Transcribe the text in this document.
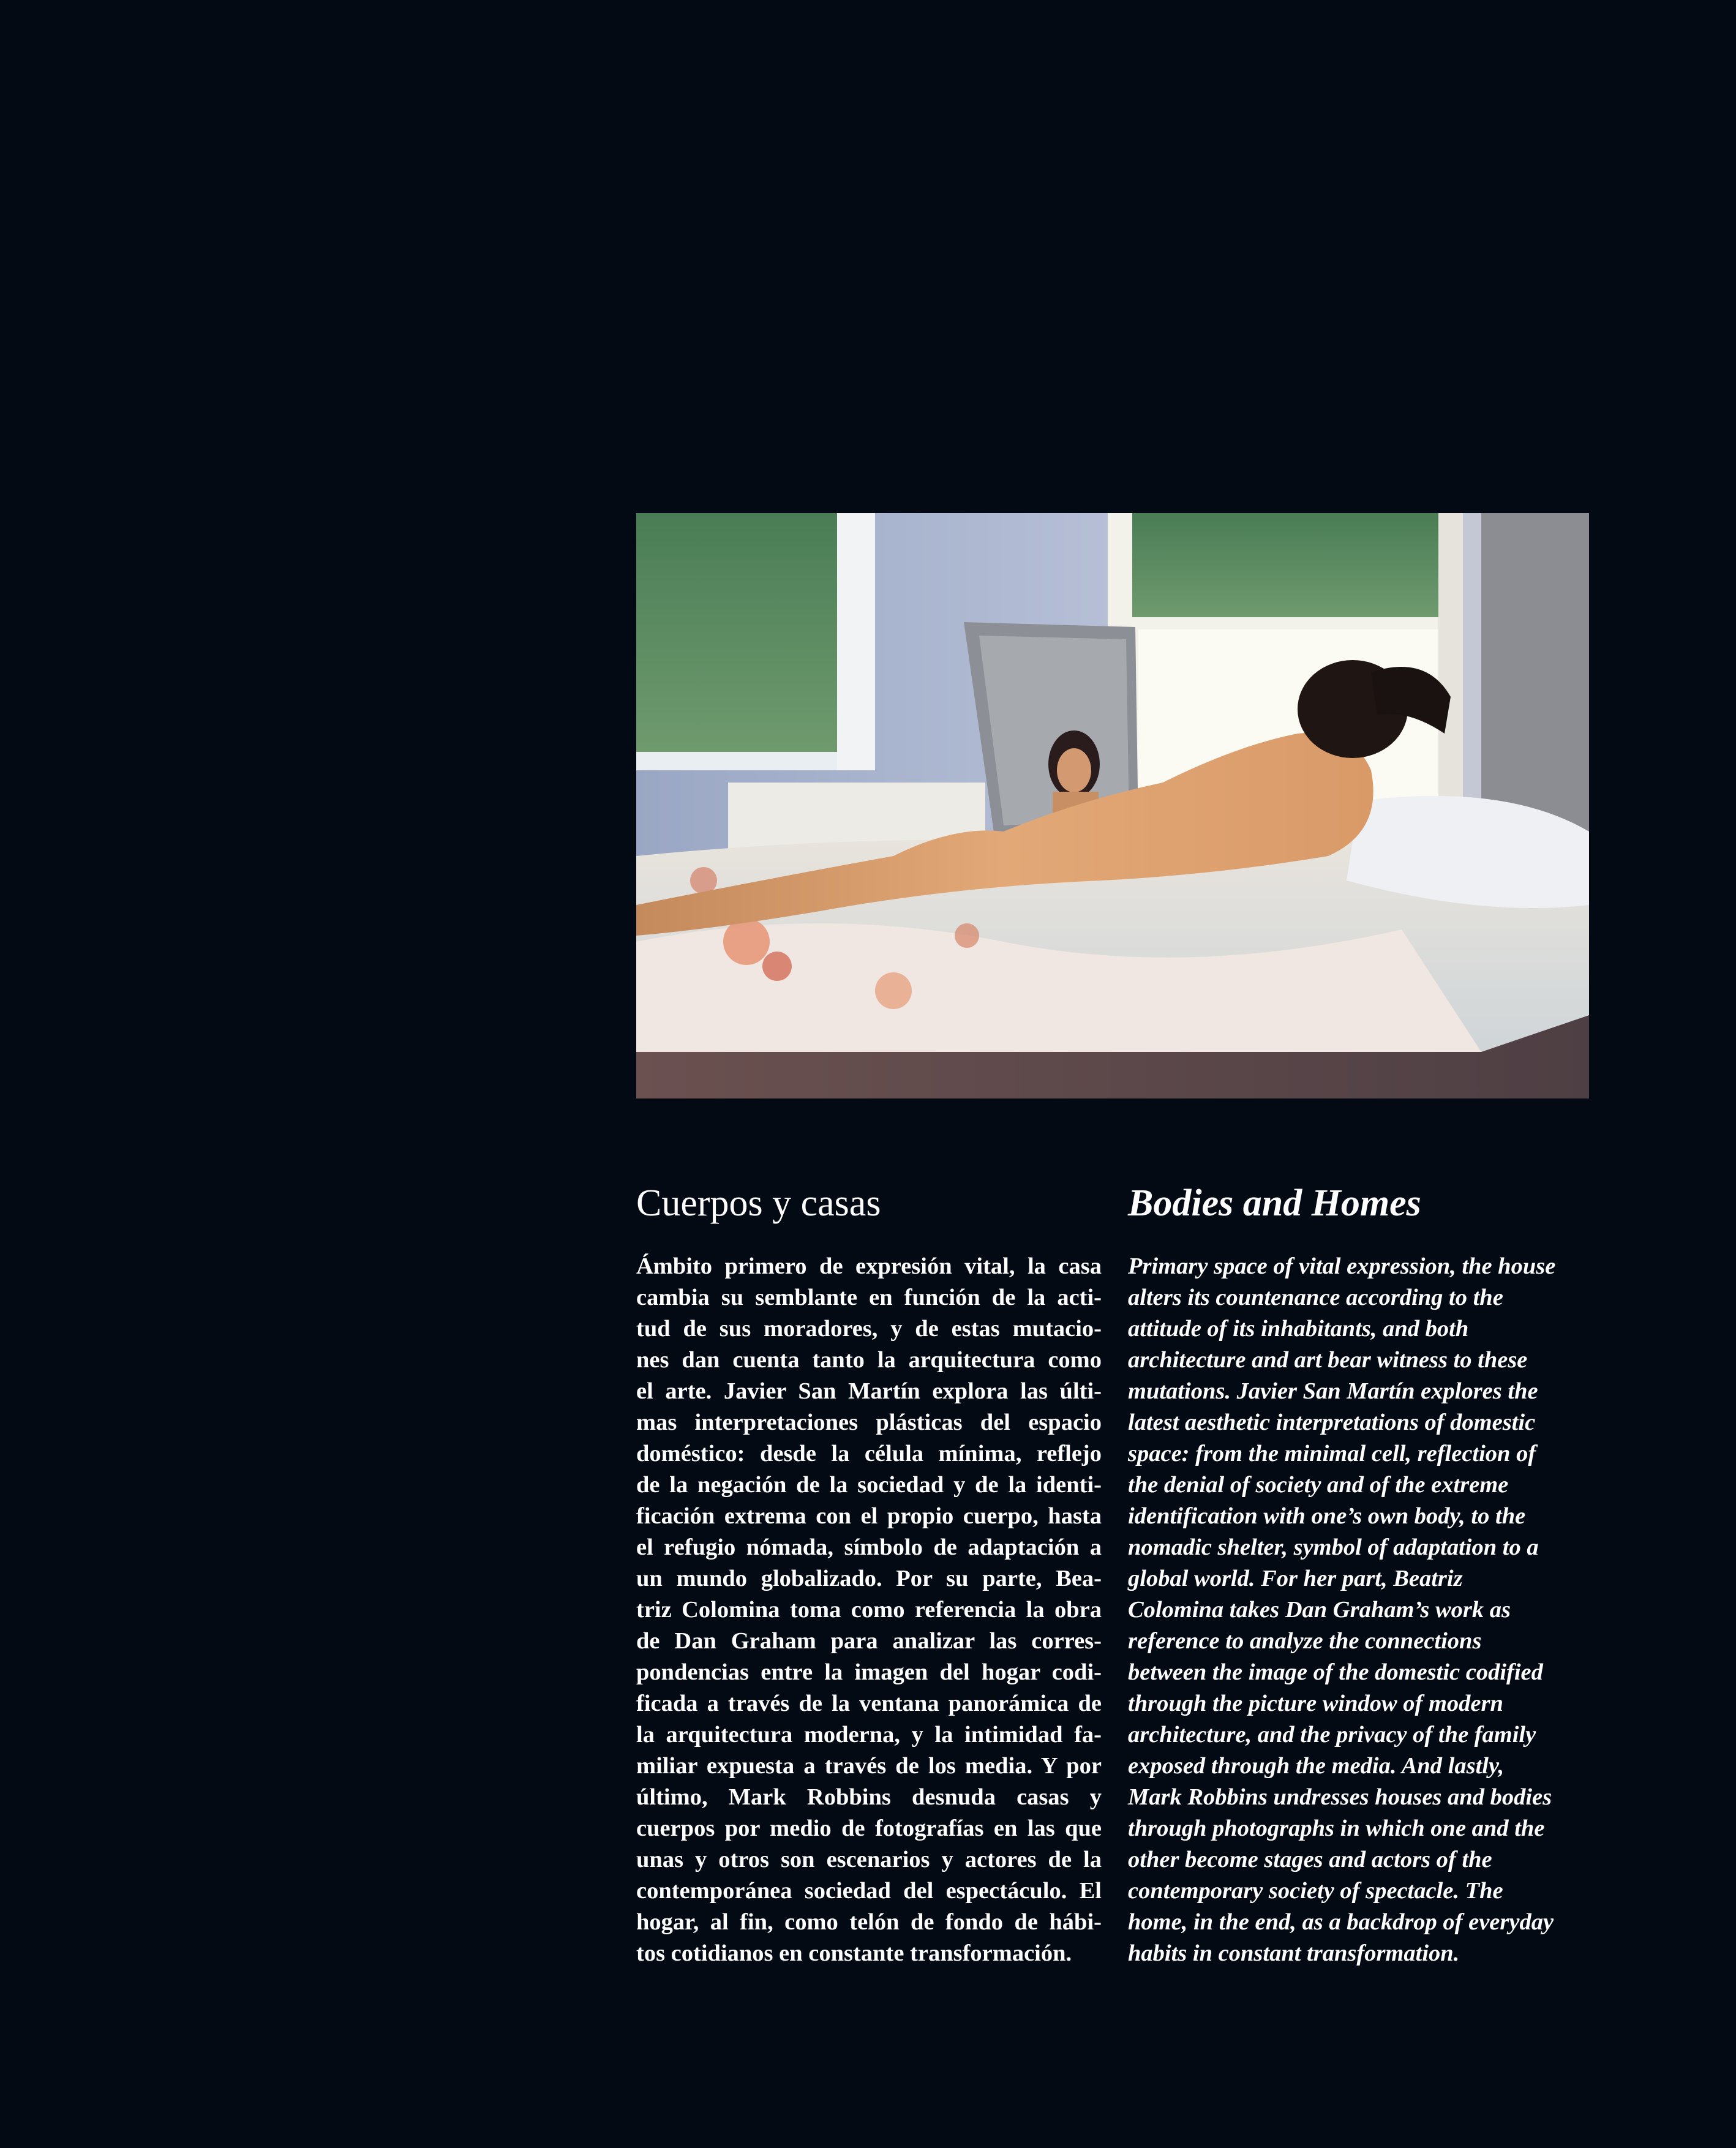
Cuerpos y casas
Ámbito primero de expresión vital, la casa
cambia su semblante en función de la acti-
tud de sus moradores, y de estas mutacio-
nes dan cuenta tanto la arquitectura como
el arte. Javier San Martín explora las últi-
mas interpretaciones plásticas del espacio
doméstico: desde la célula mínima, reflejo
de la negación de la sociedad y de la identi-
ficación extrema con el propio cuerpo, hasta
el refugio nómada, símbolo de adaptación a
un mundo globalizado. Por su parte, Bea-
triz Colomina toma como referencia la obra
de Dan Graham para analizar las corres-
pondencias entre la imagen del hogar codi-
ficada a través de la ventana panorámica de
la arquitectura moderna, y la intimidad fa-
miliar expuesta a través de los media. Y por
último, Mark Robbins desnuda casas y
cuerpos por medio de fotografías en las que
unas y otros son escenarios y actores de la
contemporánea sociedad del espectáculo. El
hogar, al fin, como telón de fondo de hábi-
tos cotidianos en constante transformación.
Bodies and Homes
Primary space of vital expression, the house
alters its countenance according to the
attitude of its inhabitants, and both
architecture and art bear witness to these
mutations. Javier San Martín explores the
latest aesthetic interpretations of domestic
space: from the minimal cell, reflection of
the denial of society and of the extreme
identification with one’s own body, to the
nomadic shelter, symbol of adaptation to a
global world. For her part, Beatriz
Colomina takes Dan Graham’s work as
reference to analyze the connections
between the image of the domestic codified
through the picture window of modern
architecture, and the privacy of the family
exposed through the media. And lastly,
Mark Robbins undresses houses and bodies
through photographs in which one and the
other become stages and actors of the
contemporary society of spectacle. The
home, in the end, as a backdrop of everyday
habits in constant transformation.
